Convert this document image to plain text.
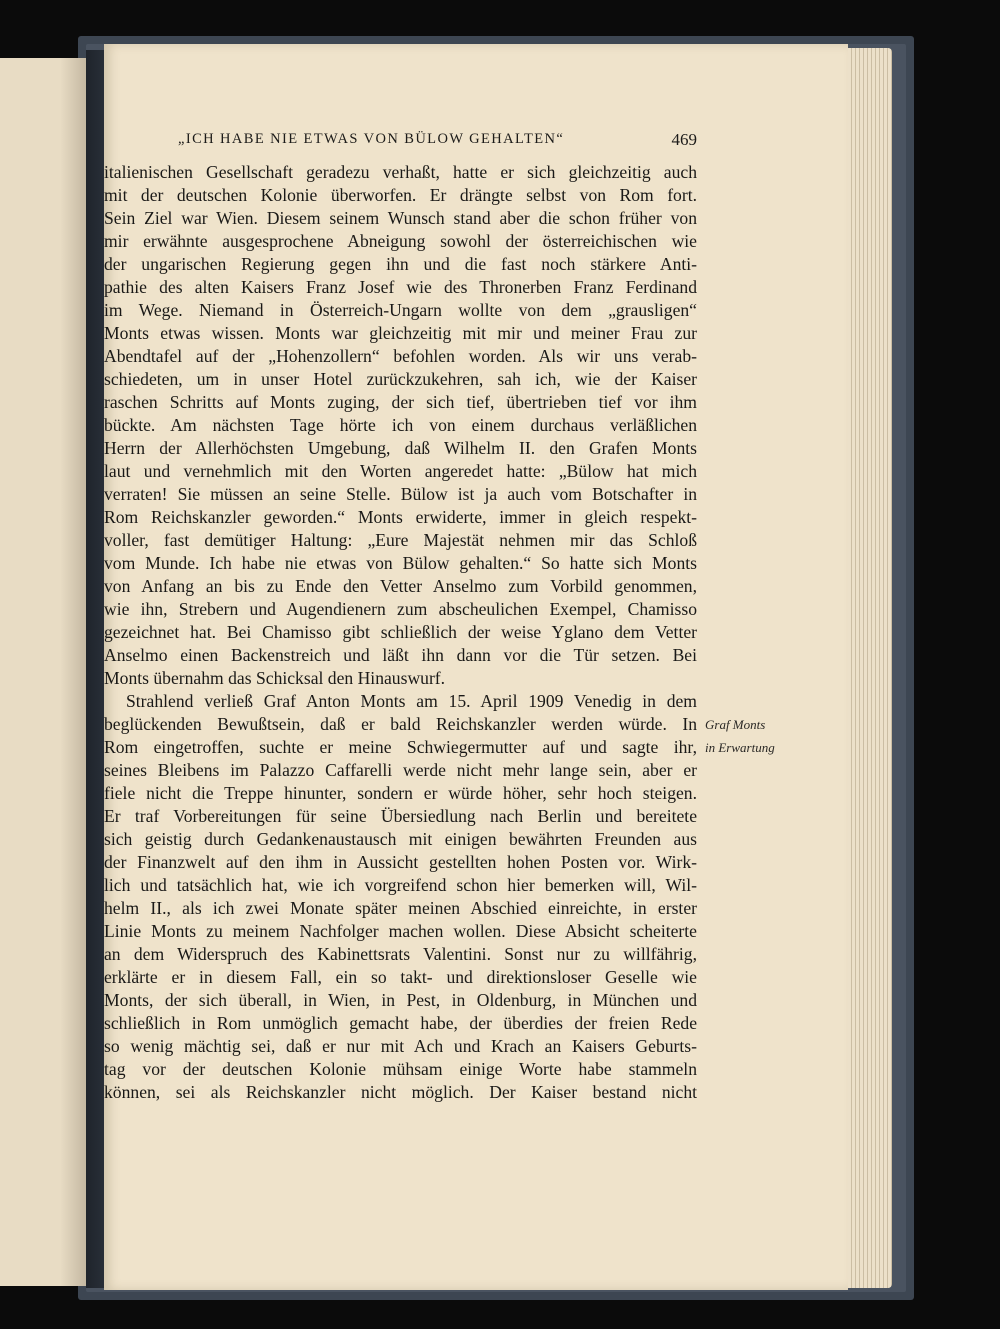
„ICH HABE NIE ETWAS VON BÜLOW GEHALTEN“	469
italienischen Gesellschaft geradezu verhaßt, hatte er sich gleichzeitig auch
mit der deutschen Kolonie überworfen. Er drängte selbst von Rom fort.
Sein Ziel war Wien. Diesem seinem Wunsch stand aber die schon früher von
mir erwähnte ausgesprochene Abneigung sowohl der österreichischen wie
der ungarischen Regierung gegen ihn und die fast noch stärkere Anti-
pathie des alten Kaisers Franz Josef wie des Thronerben Franz Ferdinand
im Wege. Niemand in Österreich-Ungarn wollte von dem „grausligen“
Monts etwas wissen. Monts war gleichzeitig mit mir und meiner Frau zur
Abendtafel auf der „Hohenzollern“ befohlen worden. Als wir uns verab-
schiedeten, um in unser Hotel zurückzukehren, sah ich, wie der Kaiser
raschen Schritts auf Monts zuging, der sich tief, übertrieben tief vor ihm
bückte. Am nächsten Tage hörte ich von einem durchaus verläßlichen
Herrn der Allerhöchsten Umgebung, daß Wilhelm II. den Grafen Monts
laut und vernehmlich mit den Worten angeredet hatte: „Bülow hat mich
verraten! Sie müssen an seine Stelle. Bülow ist ja auch vom Botschafter in
Rom Reichskanzler geworden.“ Monts erwiderte, immer in gleich respekt-
voller, fast demütiger Haltung: „Eure Majestät nehmen mir das Schloß
vom Munde. Ich habe nie etwas von Bülow gehalten.“ So hatte sich Monts
von Anfang an bis zu Ende den Vetter Anselmo zum Vorbild genommen,
wie ihn, Strebern und Augendienern zum abscheulichen Exempel, Chamisso
gezeichnet hat. Bei Chamisso gibt schließlich der weise Yglano dem Vetter
Anselmo einen Backenstreich und läßt ihn dann vor die Tür setzen. Bei
Monts übernahm das Schicksal den Hinauswurf.
Strahlend verließ Graf Anton Monts am 15. April 1909 Venedig in dem
beglückenden Bewußtsein, daß er bald Reichskanzler werden würde. In
Rom eingetroffen, suchte er meine Schwiegermutter auf und sagte ihr,
seines Bleibens im Palazzo Caffarelli werde nicht mehr lange sein, aber er
fiele nicht die Treppe hinunter, sondern er würde höher, sehr hoch steigen.
Er traf Vorbereitungen für seine Übersiedlung nach Berlin und bereitete
sich geistig durch Gedankenaustausch mit einigen bewährten Freunden aus
der Finanzwelt auf den ihm in Aussicht gestellten hohen Posten vor. Wirk-
lich und tatsächlich hat, wie ich vorgreifend schon hier bemerken will, Wil-
helm II., als ich zwei Monate später meinen Abschied einreichte, in erster
Linie Monts zu meinem Nachfolger machen wollen. Diese Absicht scheiterte
an dem Widerspruch des Kabinettsrats Valentini. Sonst nur zu willfährig,
erklärte er in diesem Fall, ein so takt- und direktionsloser Geselle wie
Monts, der sich überall, in Wien, in Pest, in Oldenburg, in München und
schließlich in Rom unmöglich gemacht habe, der überdies der freien Rede
so wenig mächtig sei, daß er nur mit Ach und Krach an Kaisers Geburts-
tag vor der deutschen Kolonie mühsam einige Worte habe stammeln
können, sei als Reichskanzler nicht möglich. Der Kaiser bestand nicht
Graf Monts
in Erwartung
